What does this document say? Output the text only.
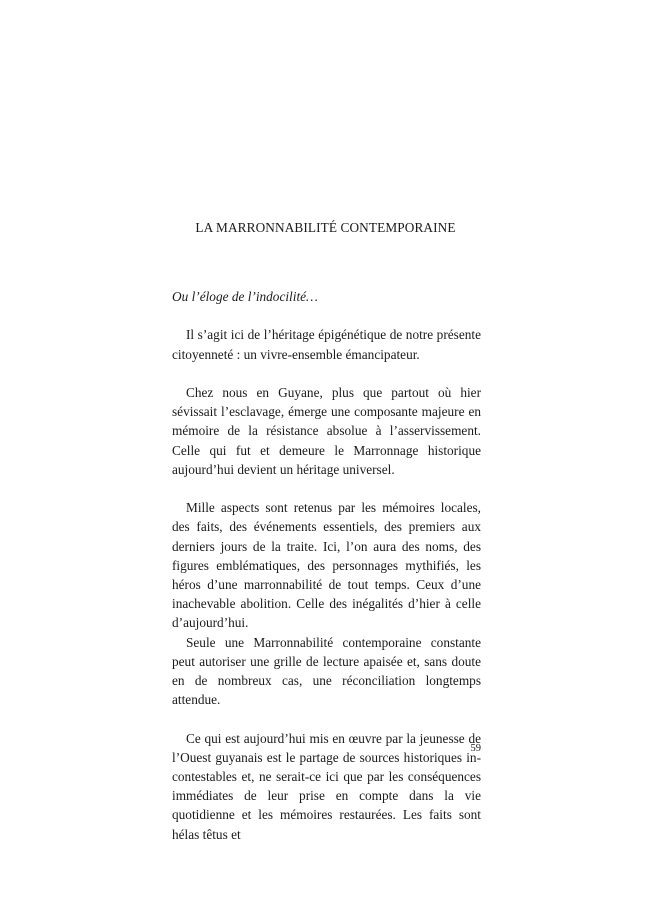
LA MARRONNABILITÉ CONTEMPORAINE

Ou l’éloge de l’indocilité…

Il s’agit ici de l’héritage épigénétique de notre présente citoyenneté : un vivre-ensemble émancipateur.

Chez nous en Guyane, plus que partout où hier sévissait l’esclavage, émerge une composante majeure en mémoire de la résistance absolue à l’asservissement. Celle qui fut et demeure le Marronnage historique aujourd’hui devient un héritage universel.

Mille aspects sont retenus par les mémoires locales, des faits, des événements essentiels, des premiers aux derniers jours de la traite. Ici, l’on aura des noms, des figures emblématiques, des personnages mythifiés, les héros d’une marronnabilité de tout temps. Ceux d’une inachevable abolition. Celle des inégalités d’hier à celle d’aujourd’hui.

Seule une Marronnabilité contemporaine constante peut autoriser une grille de lecture apaisée et, sans doute en de nombreux cas, une réconciliation longtemps attendue.

Ce qui est aujourd’hui mis en œuvre par la jeunesse de l’Ouest guyanais est le partage de sources historiques incontestables et, ne serait-ce ici que par les conséquences immédiates de leur prise en compte dans la vie quotidienne et les mémoires restaurées. Les faits sont hélas têtus et

59
